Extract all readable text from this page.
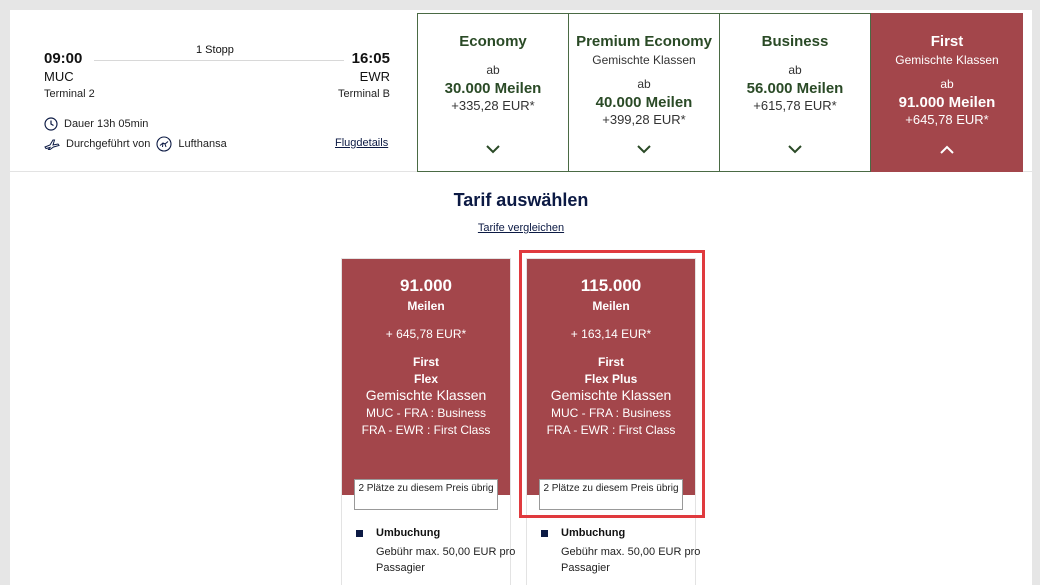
09:00	16:05
1 Stopp
MUC	EWR
Terminal 2	Terminal B
Dauer 13h 05min
Durchgeführt von	Lufthansa	Flugdetails
Economy
ab
30.000 Meilen
+335,28 EUR*
Premium Economy
Gemischte Klassen
ab
40.000 Meilen
+399,28 EUR*
Business
ab
56.000 Meilen
+615,78 EUR*
First
Gemischte Klassen
ab
91.000 Meilen
+645,78 EUR*
Tarif auswählen
Tarife vergleichen
91.000
Meilen
+ 645,78 EUR*
First
Flex
Gemischte Klassen
MUC - FRA : Business
FRA - EWR : First Class
2 Plätze zu diesem Preis übrig
Umbuchung
Gebühr max. 50,00 EUR pro Passagier
115.000
Meilen
+ 163,14 EUR*
First
Flex Plus
Gemischte Klassen
MUC - FRA : Business
FRA - EWR : First Class
2 Plätze zu diesem Preis übrig
Umbuchung
Gebühr max. 50,00 EUR pro Passagier
